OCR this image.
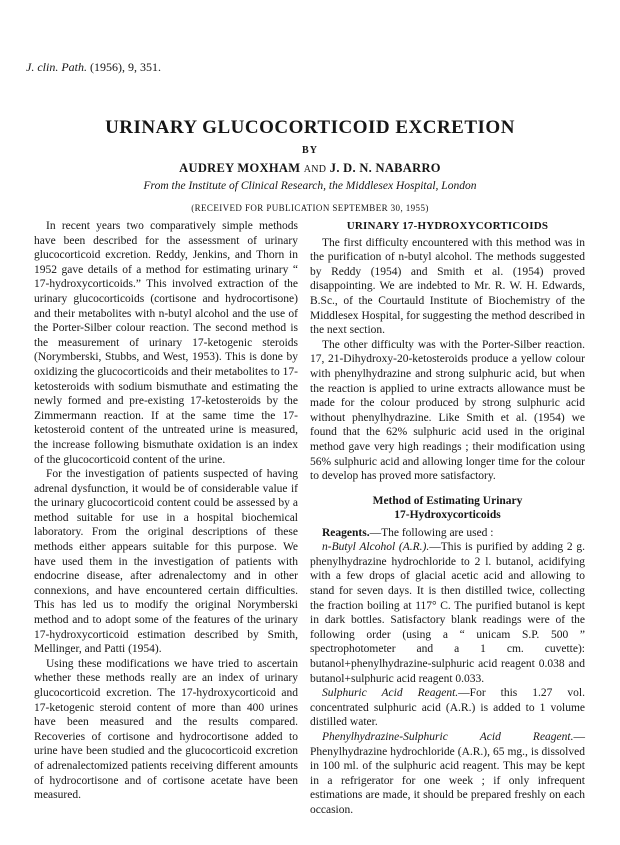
J. clin. Path. (1956), 9, 351.
URINARY GLUCOCORTICOID EXCRETION
BY
AUDREY MOXHAM AND J. D. N. NABARRO
From the Institute of Clinical Research, the Middlesex Hospital, London
(RECEIVED FOR PUBLICATION SEPTEMBER 30, 1955)

In recent years two comparatively simple methods have been described for the assessment of urinary glucocorticoid excretion. Reddy, Jenkins, and Thorn in 1952 gave details of a method for estimating urinary “ 17-hydroxycorticoids.” This involved extraction of the urinary glucocorticoids (cortisone and hydrocortisone) and their metabolites with n-butyl alcohol and the use of the Porter-Silber colour reaction. The second method is the measurement of urinary 17-ketogenic steroids (Norymberski, Stubbs, and West, 1953). This is done by oxidizing the glucocorticoids and their metabolites to 17-ketosteroids with sodium bismuthate and estimating the newly formed and pre-existing 17-ketosteroids by the Zimmermann reaction. If at the same time the 17-ketosteroid content of the untreated urine is measured, the increase following bismuthate oxidation is an index of the glucocorticoid content of the urine.

For the investigation of patients suspected of having adrenal dysfunction, it would be of considerable value if the urinary glucocorticoid content could be assessed by a method suitable for use in a hospital biochemical laboratory. From the original descriptions of these methods either appears suitable for this purpose. We have used them in the investigation of patients with endocrine disease, after adrenalectomy and in other connexions, and have encountered certain difficulties. This has led us to modify the original Norymberski method and to adopt some of the features of the urinary 17-hydroxycorticoid estimation described by Smith, Mellinger, and Patti (1954).

Using these modifications we have tried to ascertain whether these methods really are an index of urinary glucocorticoid excretion. The 17-hydroxycorticoid and 17-ketogenic steroid content of more than 400 urines have been measured and the results compared. Recoveries of cortisone and hydrocortisone added to urine have been studied and the glucocorticoid excretion of adrenalectomized patients receiving different amounts of hydrocortisone and of cortisone acetate have been measured.

URINARY 17-HYDROXYCORTICOIDS

The first difficulty encountered with this method was in the purification of n-butyl alcohol. The methods suggested by Reddy (1954) and Smith et al. (1954) proved disappointing. We are indebted to Mr. R. W. H. Edwards, B.Sc., of the Courtauld Institute of Biochemistry of the Middlesex Hospital, for suggesting the method described in the next section.

The other difficulty was with the Porter-Silber reaction. 17, 21-Dihydroxy-20-ketosteroids produce a yellow colour with phenylhydrazine and strong sulphuric acid, but when the reaction is applied to urine extracts allowance must be made for the colour produced by strong sulphuric acid without phenylhydrazine. Like Smith et al. (1954) we found that the 62% sulphuric acid used in the original method gave very high readings ; their modification using 56% sulphuric acid and allowing longer time for the colour to develop has proved more satisfactory.

Method of Estimating Urinary
17-Hydroxycorticoids

Reagents.—The following are used :

n-Butyl Alcohol (A.R.).—This is purified by adding 2 g. phenylhydrazine hydrochloride to 2 l. butanol, acidifying with a few drops of glacial acetic acid and allowing to stand for seven days. It is then distilled twice, collecting the fraction boiling at 117° C. The purified butanol is kept in dark bottles. Satisfactory blank readings were of the following order (using a “ unicam S.P. 500 ” spectrophotometer and a 1 cm. cuvette): butanol+phenylhydrazine-sulphuric acid reagent 0.038 and butanol+sulphuric acid reagent 0.033.

Sulphuric Acid Reagent.—For this 1.27 vol. concentrated sulphuric acid (A.R.) is added to 1 volume distilled water.

Phenylhydrazine-Sulphuric Acid Reagent.—Phenylhydrazine hydrochloride (A.R.), 65 mg., is dissolved in 100 ml. of the sulphuric acid reagent. This may be kept in a refrigerator for one week ; if only infrequent estimations are made, it should be prepared freshly on each occasion.
